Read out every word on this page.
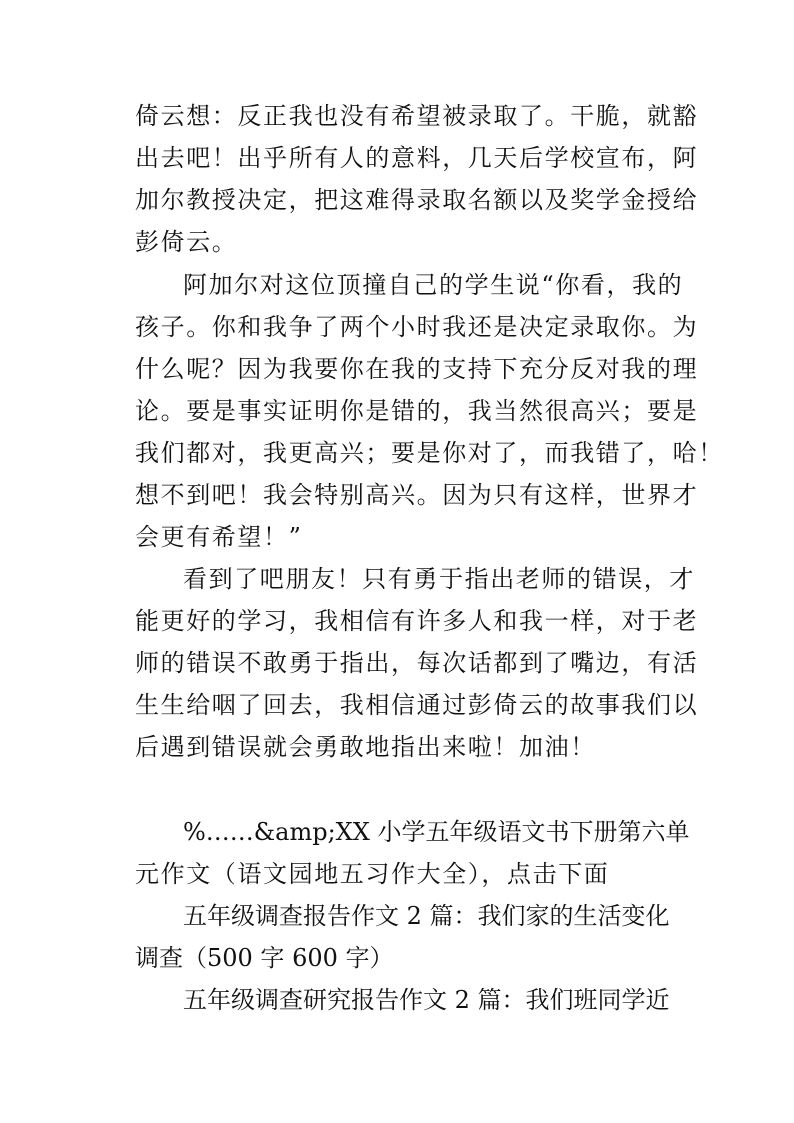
倚云想：反正我也没有希望被录取了。干脆，就豁

出去吧！出乎所有人的意料，几天后学校宣布，阿

加尔教授决定，把这难得录取名额以及奖学金授给

彭倚云。

阿加尔对这位顶撞自己的学生说“你看，我的

孩子。你和我争了两个小时我还是决定录取你。为

什么呢？因为我要你在我的支持下充分反对我的理

论。要是事实证明你是错的，我当然很高兴；要是

我们都对，我更高兴；要是你对了，而我错了，哈！

想不到吧！我会特别高兴。因为只有这样，世界才

会更有希望！”

看到了吧朋友！只有勇于指出老师的错误，才

能更好的学习，我相信有许多人和我一样，对于老

师的错误不敢勇于指出，每次话都到了嘴边，有活

生生给咽了回去，我相信通过彭倚云的故事我们以

后遇到错误就会勇敢地指出来啦！加油！

%……&amp;XX 小学五年级语文书下册第六单

元作文（语文园地五习作大全），点击下面

五年级调查报告作文 2 篇：我们家的生活变化

调查（500 字 600 字）

五年级调查研究报告作文 2 篇：我们班同学近
